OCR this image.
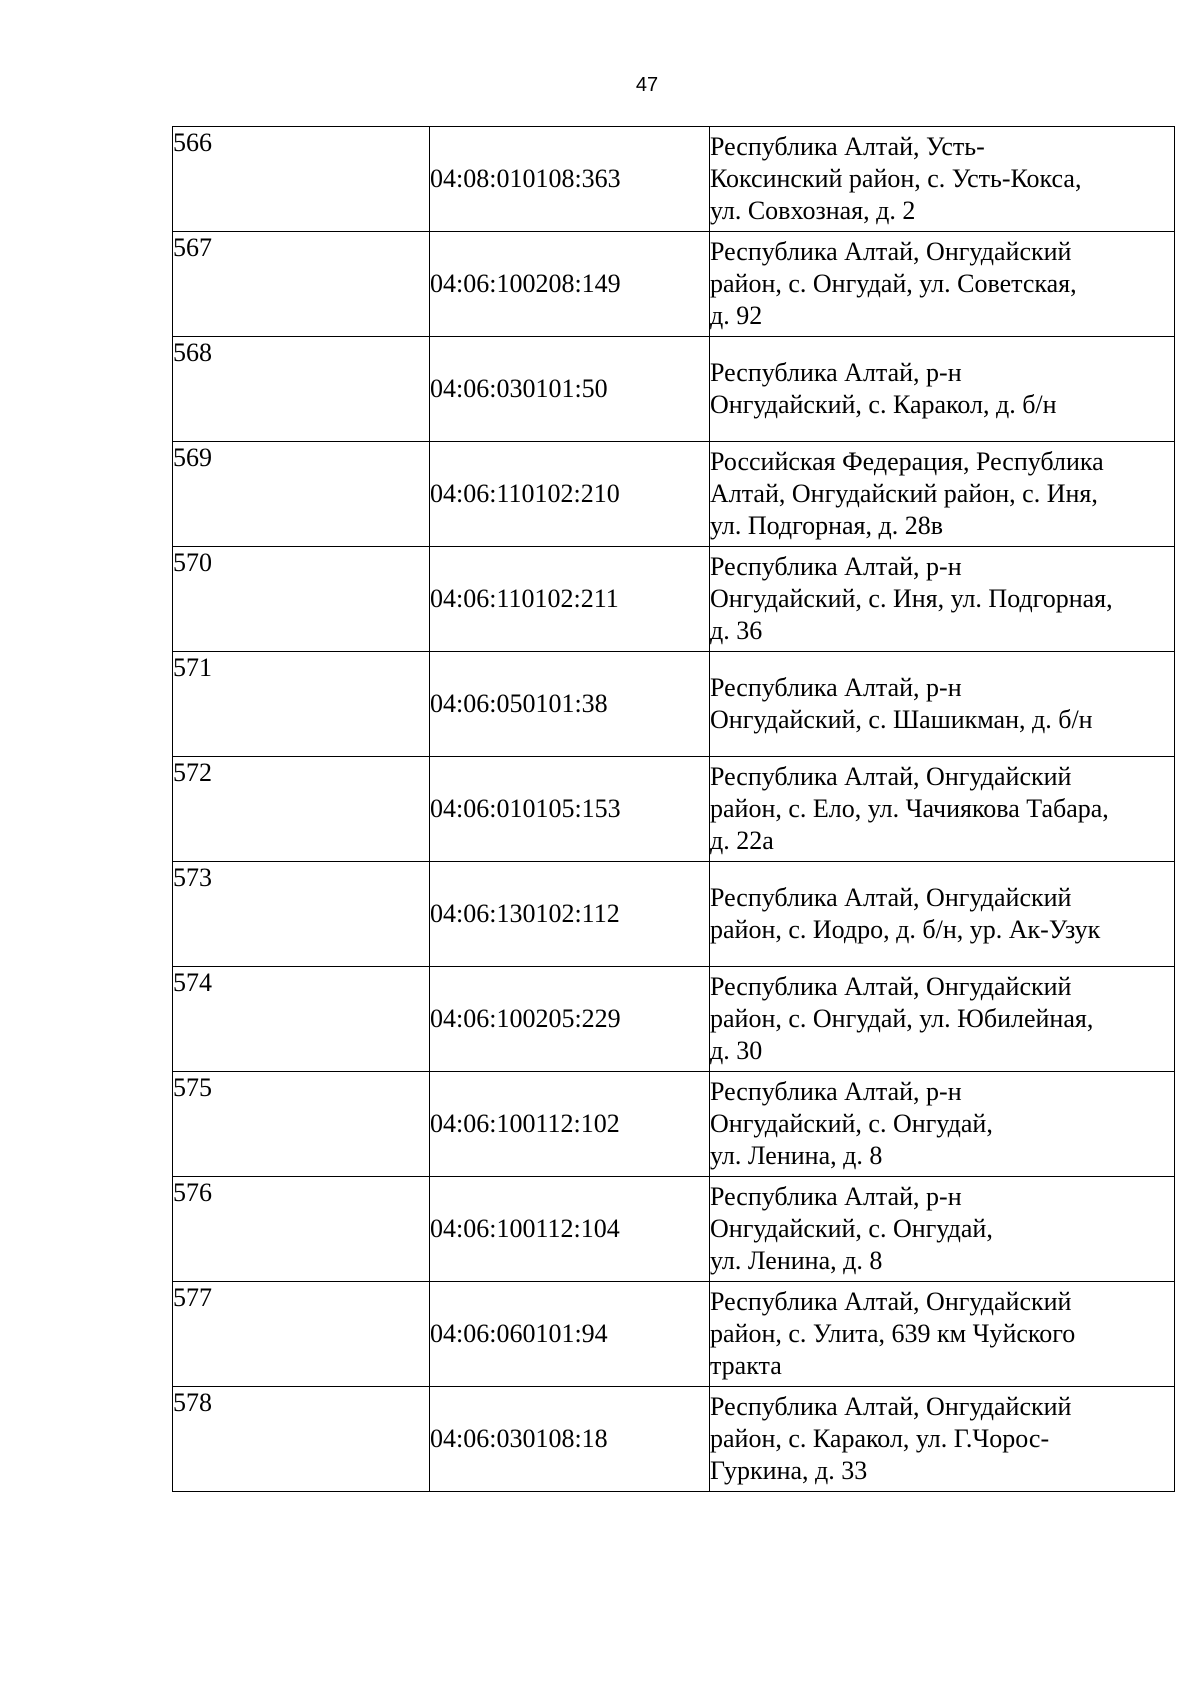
47
566	04:08:010108:363	Республика Алтай, Усть-
Коксинский район, с. Усть-Кокса,
ул. Совхозная, д. 2

567	04:06:100208:149	Республика Алтай, Онгудайский
район, с. Онгудай, ул. Советская,
д. 92

568	04:06:030101:50	Республика Алтай, р-н
Онгудайский, с. Каракол, д. б/н

569	04:06:110102:210	Российская Федерация, Республика
Алтай, Онгудайский район, с. Иня,
ул. Подгорная, д. 28в

570	04:06:110102:211	Республика Алтай, р-н
Онгудайский, с. Иня, ул. Подгорная,
д. 36

571	04:06:050101:38	Республика Алтай, р-н
Онгудайский, с. Шашикман, д. б/н

572	04:06:010105:153	Республика Алтай, Онгудайский
район, с. Ело, ул. Чачиякова Табара,
д. 22а

573	04:06:130102:112	Республика Алтай, Онгудайский
район, с. Иодро, д. б/н, ур. Ак-Узук

574	04:06:100205:229	Республика Алтай, Онгудайский
район, с. Онгудай, ул. Юбилейная,
д. 30

575	04:06:100112:102	Республика Алтай, р-н
Онгудайский, с. Онгудай,
ул. Ленина, д. 8

576	04:06:100112:104	Республика Алтай, р-н
Онгудайский, с. Онгудай,
ул. Ленина, д. 8

577	04:06:060101:94	Республика Алтай, Онгудайский
район, с. Улита, 639 км Чуйского
тракта

578	04:06:030108:18	Республика Алтай, Онгудайский
район, с. Каракол, ул. Г.Чорос-
Гуркина, д. 33
